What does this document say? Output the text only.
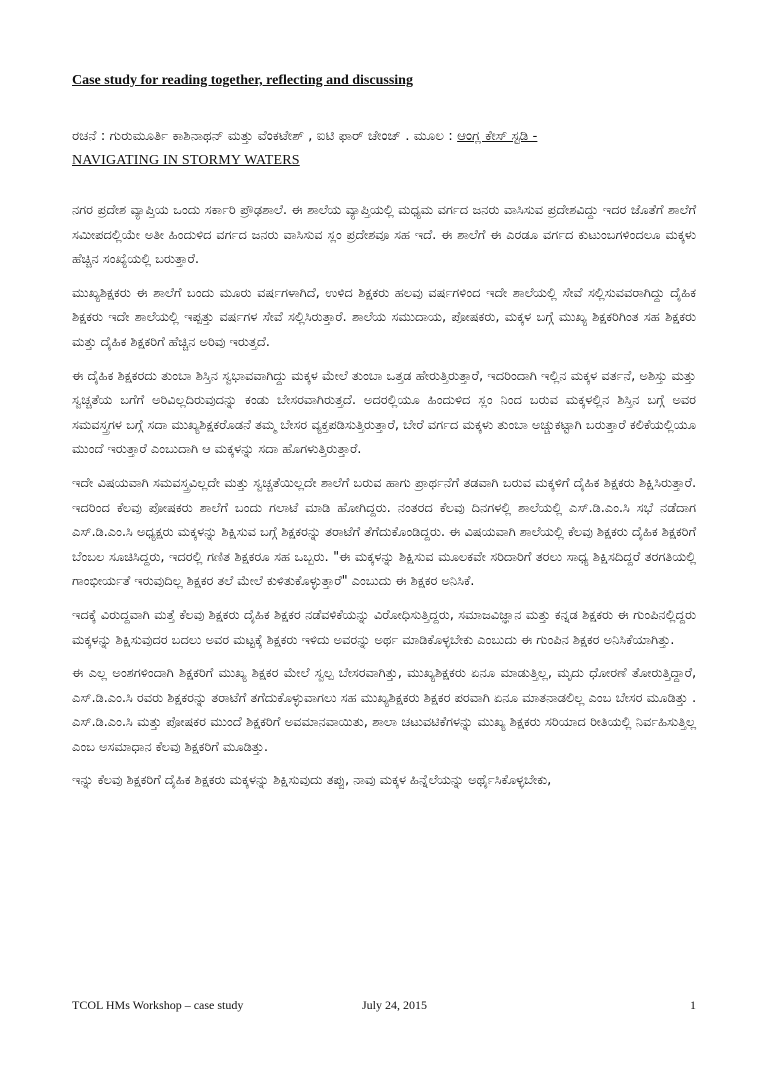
Case study for reading together, reflecting and discussing
ರಚನೆ : ಗುರುಮೂರ್ತಿ ಕಾಶಿನಾಥನ್ ಮತ್ತು ವೆಂಕಟೇಶ್ , ಐಟಿ ಫಾರ್ ಚೇಂಜ್ . ಮೂಲ : ಆಂಗ್ಲ ಕೇಸ್ ಸ್ಟಡಿ -
NAVIGATING IN STORMY WATERS
ನಗರ ಪ್ರದೇಶ ವ್ಯಾಪ್ತಿಯ ಒಂದು ಸರ್ಕಾರಿ ಪ್ರೌಢಶಾಲೆ. ಈ ಶಾಲೆಯ ವ್ಯಾಪ್ತಿಯಲ್ಲಿ ಮಧ್ಯಮ ವರ್ಗದ ಜನರು ವಾಸಿಸುವ ಪ್ರದೇಶವಿದ್ದು ಇದರ ಜೊತೆಗೆ ಶಾಲೆಗೆ ಸಮೀಪದಲ್ಲಿಯೇ ಅತೀ ಹಿಂದುಳಿದ ವರ್ಗದ ಜನರು ವಾಸಿಸುವ ಸ್ಲಂ ಪ್ರದೇಶವೂ ಸಹ ಇದೆ. ಈ ಶಾಲೆಗೆ ಈ ಎರಡೂ ವರ್ಗದ ಕುಟುಂಬಗಳಿಂದಲೂ ಮಕ್ಕಳು ಹೆಚ್ಚಿನ ಸಂಖ್ಯೆಯಲ್ಲಿ ಬರುತ್ತಾರೆ.
ಮುಖ್ಯಶಿಕ್ಷಕರು ಈ ಶಾಲೆಗೆ ಬಂದು ಮೂರು ವರ್ಷಗಳಾಗಿದೆ, ಉಳಿದ ಶಿಕ್ಷಕರು ಹಲವು ವರ್ಷಗಳಿಂದ ಇದೇ ಶಾಲೆಯಲ್ಲಿ ಸೇವೆ ಸಲ್ಲಿಸುವವರಾಗಿದ್ದು ದೈಹಿಕ ಶಿಕ್ಷಕರು ಇದೇ ಶಾಲೆಯಲ್ಲಿ ಇಪ್ಪತ್ತು ವರ್ಷಗಳ ಸೇವೆ ಸಲ್ಲಿಸಿರುತ್ತಾರೆ. ಶಾಲೆಯ ಸಮುದಾಯ, ಪೋಷಕರು, ಮಕ್ಕಳ ಬಗ್ಗೆ ಮುಖ್ಯ ಶಿಕ್ಷಕರಿಗಿಂತ ಸಹ ಶಿಕ್ಷಕರು ಮತ್ತು ದೈಹಿಕ ಶಿಕ್ಷಕರಿಗೆ ಹೆಚ್ಚಿನ ಅರಿವು ಇರುತ್ತದೆ.
ಈ ದೈಹಿಕ ಶಿಕ್ಷಕರದು ತುಂಬಾ ಶಿಸ್ತಿನ ಸ್ವಭಾವವಾಗಿದ್ದು ಮಕ್ಕಳ ಮೇಲೆ ತುಂಬಾ ಒತ್ತಡ ಹೇರುತ್ತಿರುತ್ತಾರೆ, ಇದರಿಂದಾಗಿ ಇಲ್ಲಿನ ಮಕ್ಕಳ ವರ್ತನೆ, ಅಶಿಸ್ತು ಮತ್ತು ಸ್ವಚ್ಚತೆಯ ಬಗೆಗೆ ಅರಿವಿಲ್ಲದಿರುವುದನ್ನು ಕಂಡು ಬೇಸರವಾಗಿರುತ್ತದೆ. ಅದರಲ್ಲಿಯೂ ಹಿಂದುಳಿದ ಸ್ಲಂ ನಿಂದ ಬರುವ ಮಕ್ಕಳಲ್ಲಿನ ಶಿಸ್ತಿನ ಬಗ್ಗೆ ಅವರ ಸಮವಸ್ತ್ರಗಳ ಬಗ್ಗೆ ಸದಾ ಮುಖ್ಯಶಿಕ್ಷಕರೊಡನೆ ತಮ್ಮ ಬೇಸರ ವ್ಯಕ್ತಪಡಿಸುತ್ತಿರುತ್ತಾರೆ, ಬೇರೆ ವರ್ಗದ ಮಕ್ಕಳು ತುಂಬಾ ಅಚ್ಚುಕಟ್ಟಾಗಿ ಬರುತ್ತಾರೆ ಕಲಿಕೆಯಲ್ಲಿಯೂ ಮುಂದೆ ಇರುತ್ತಾರೆ ಎಂಬುದಾಗಿ ಆ ಮಕ್ಕಳನ್ನು ಸದಾ ಹೊಗಳುತ್ತಿರುತ್ತಾರೆ.
ಇದೇ ವಿಷಯವಾಗಿ ಸಮವಸ್ತ್ರವಿಲ್ಲದೇ ಮತ್ತು ಸ್ವಚ್ಚತೆಯಿಲ್ಲದೇ ಶಾಲೆಗೆ ಬರುವ ಹಾಗು ಪ್ರಾರ್ಥನೆಗೆ ತಡವಾಗಿ ಬರುವ ಮಕ್ಕಳಿಗೆ ದೈಹಿಕ ಶಿಕ್ಷಕರು ಶಿಕ್ಷಿಸಿರುತ್ತಾರೆ. ಇದರಿಂದ ಕೆಲವು ಪೋಷಕರು ಶಾಲೆಗೆ ಬಂದು ಗಲಾಟೆ ಮಾಡಿ ಹೋಗಿದ್ದರು. ನಂತರದ ಕೆಲವು ದಿನಗಳಲ್ಲಿ ಶಾಲೆಯಲ್ಲಿ ಎಸ್.ಡಿ.ಎಂ.ಸಿ ಸಭೆ ನಡೆದಾಗ ಎಸ್.ಡಿ.ಎಂ.ಸಿ ಅಧ್ಯಕ್ಷರು ಮಕ್ಕಳನ್ನು ಶಿಕ್ಷಿಸುವ ಬಗ್ಗೆ ಶಿಕ್ಷಕರನ್ನು ತರಾಟೆಗೆ ತೆಗೆದುಕೊಂಡಿದ್ದರು. ಈ ವಿಷಯವಾಗಿ ಶಾಲೆಯಲ್ಲಿ ಕೆಲವು ಶಿಕ್ಷಕರು ದೈಹಿಕ ಶಿಕ್ಷಕರಿಗೆ ಬೆಂಬಲ ಸೂಚಿಸಿದ್ದರು, ಇದರಲ್ಲಿ ಗಣಿತ ಶಿಕ್ಷಕರೂ ಸಹ ಒಬ್ಬರು. "ಈ ಮಕ್ಕಳನ್ನು ಶಿಕ್ಷಿಸುವ ಮೂಲಕವೇ ಸರಿದಾರಿಗೆ ತರಲು ಸಾಧ್ಯ ಶಿಕ್ಷಿಸದಿದ್ದರೆ ತರಗತಿಯಲ್ಲಿ ಗಾಂಭೀರ್ಯತೆ ಇರುವುದಿಲ್ಲ ಶಿಕ್ಷಕರ ತಲೆ ಮೇಲೆ ಕುಳಿತುಕೊಳ್ಳುತ್ತಾರೆ" ಎಂಬುದು ಈ ಶಿಕ್ಷಕರ ಅನಿಸಿಕೆ.
ಇದಕ್ಕೆ ವಿರುದ್ದವಾಗಿ ಮತ್ತೆ ಕೆಲವು ಶಿಕ್ಷಕರು ದೈಹಿಕ ಶಿಕ್ಷಕರ ನಡೆವಳಿಕೆಯನ್ನು ವಿರೋಧಿಸುತ್ತಿದ್ದರು, ಸಮಾಜವಿಜ್ಞಾನ ಮತ್ತು ಕನ್ನಡ ಶಿಕ್ಷಕರು ಈ ಗುಂಪಿನಲ್ಲಿದ್ದರು ಮಕ್ಕಳನ್ನು ಶಿಕ್ಷಿಸುವುದರ ಬದಲು ಅವರ ಮಟ್ಟಕ್ಕೆ ಶಿಕ್ಷಕರು ಇಳಿದು ಅವರನ್ನು ಅರ್ಥ ಮಾಡಿಕೊಳ್ಳಬೇಕು ಎಂಬುದು ಈ ಗುಂಪಿನ ಶಿಕ್ಷಕರ ಅನಿಸಿಕೆಯಾಗಿತ್ತು.
ಈ ಎಲ್ಲ ಅಂಶಗಳಿಂದಾಗಿ ಶಿಕ್ಷಕರಿಗೆ ಮುಖ್ಯ ಶಿಕ್ಷಕರ ಮೇಲೆ ಸ್ವಲ್ಪ ಬೇಸರವಾಗಿತ್ತು, ಮುಖ್ಯಶಿಕ್ಷಕರು ಏನೂ ಮಾಡುತ್ತಿಲ್ಲ, ಮೃದು ಧೋರಣೆ ತೋರುತ್ತಿದ್ದಾರೆ, ಎಸ್.ಡಿ.ಎಂ.ಸಿ ರವರು ಶಿಕ್ಷಕರನ್ನು ತರಾಟೆಗೆ ತಗೆದುಕೊಳ್ಳುವಾಗಲು ಸಹ ಮುಖ್ಯಶಿಕ್ಷಕರು ಶಿಕ್ಷಕರ ಪರವಾಗಿ ಏನೂ ಮಾತನಾಡಲಿಲ್ಲ ಎಂಬ ಬೇಸರ ಮೂಡಿತ್ತು . ಎಸ್.ಡಿ.ಎಂ.ಸಿ ಮತ್ತು ಪೋಷಕರ ಮುಂದೆ ಶಿಕ್ಷಕರಿಗೆ ಅವಮಾನವಾಯಿತು, ಶಾಲಾ ಚಟುವಟಿಕೆಗಳನ್ನು ಮುಖ್ಯ ಶಿಕ್ಷಕರು ಸರಿಯಾದ ರೀತಿಯಲ್ಲಿ ನಿರ್ವಹಿಸುತ್ತಿಲ್ಲ ಎಂಬ ಅಸಮಾಧಾನ ಕೆಲವು ಶಿಕ್ಷಕರಿಗೆ ಮೂಡಿತ್ತು.
ಇನ್ನು ಕೆಲವು ಶಿಕ್ಷಕರಿಗೆ ದೈಹಿಕ ಶಿಕ್ಷಕರು ಮಕ್ಕಳನ್ನು ಶಿಕ್ಷಿಸುವುದು ತಪ್ಪು, ನಾವು ಮಕ್ಕಳ ಹಿನ್ನೆಲೆಯನ್ನು ಅರ್ಥೈಸಿಕೊಳ್ಳಬೇಕು,
TCOL HMs Workshop – case study	July 24, 2015	1
